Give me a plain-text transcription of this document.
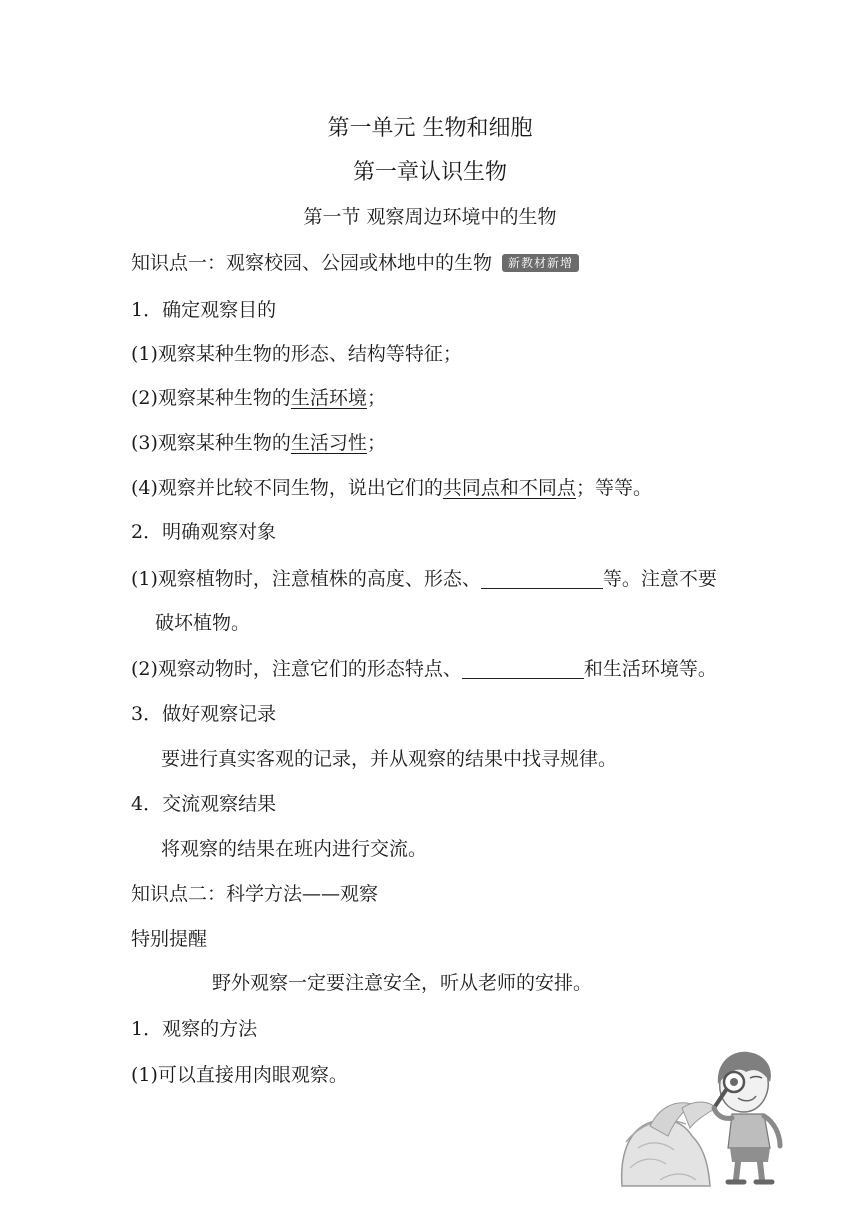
第一单元 生物和细胞
第一章认识生物
第一节 观察周边环境中的生物
知识点一：观察校园、公园或林地中的生物 新教材新增
1．确定观察目的
(1)观察某种生物的形态、结构等特征；
(2)观察某种生物的生活环境；
(3)观察某种生物的生活习性；
(4)观察并比较不同生物，说出它们的共同点和不同点；等等。
2．明确观察对象
(1)观察植物时，注意植株的高度、形态、	等。注意不要
破坏植物。
(2)观察动物时，注意它们的形态特点、	和生活环境等。
3．做好观察记录
要进行真实客观的记录，并从观察的结果中找寻规律。
4．交流观察结果
将观察的结果在班内进行交流。
知识点二：科学方法——观察
特别提醒
野外观察一定要注意安全，听从老师的安排。
1．观察的方法
(1)可以直接用肉眼观察。
